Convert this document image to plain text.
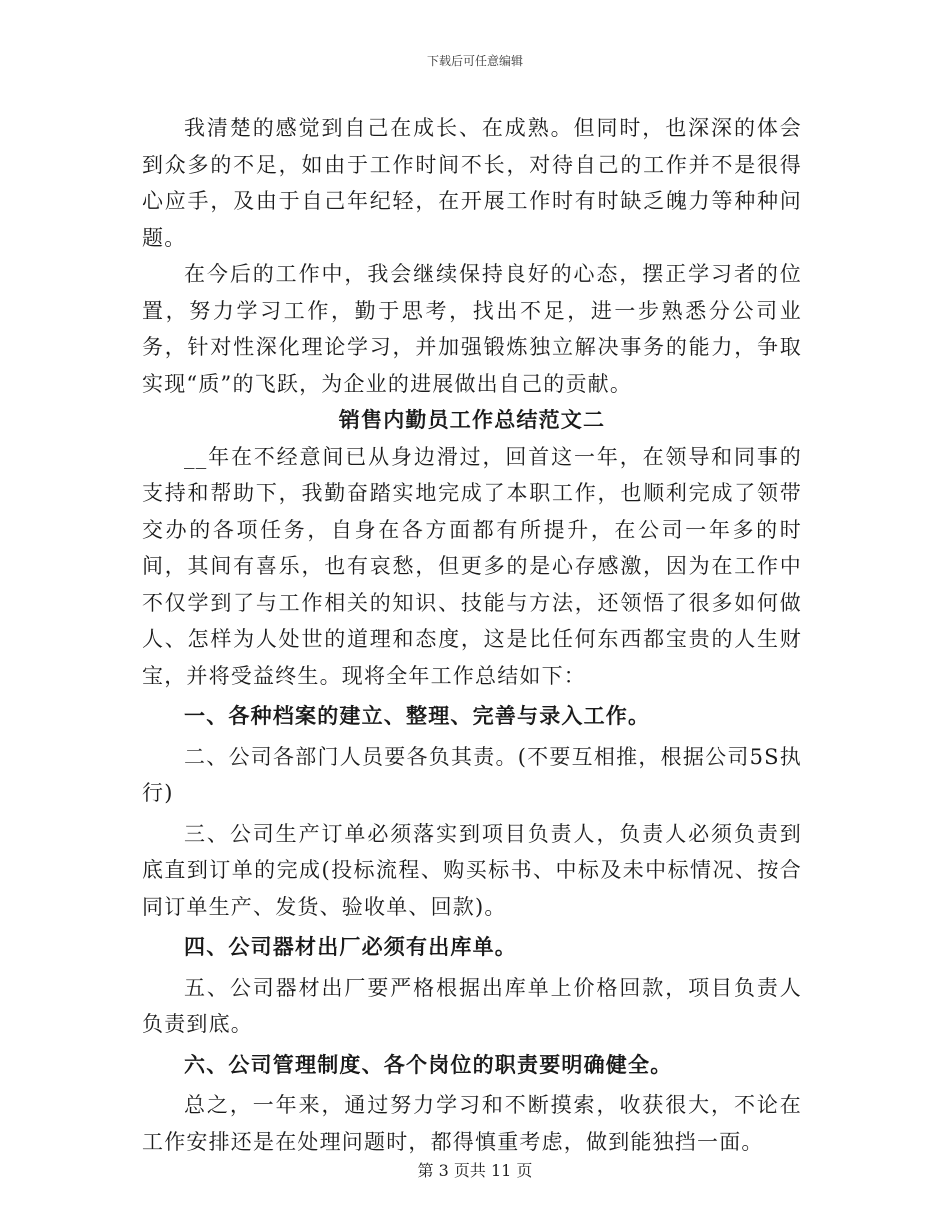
下载后可任意编辑

我清楚的感觉到自己在成长、在成熟。但同时，也深深的体会到众多的不足，如由于工作时间不长，对待自己的工作并不是很得心应手，及由于自己年纪轻，在开展工作时有时缺乏魄力等种种问题。

在今后的工作中，我会继续保持良好的心态，摆正学习者的位置，努力学习工作，勤于思考，找出不足，进一步熟悉分公司业务，针对性深化理论学习，并加强锻炼独立解决事务的能力，争取实现“质”的飞跃，为企业的进展做出自己的贡献。

销售内勤员工作总结范文二

__年在不经意间已从身边滑过，回首这一年，在领导和同事的支持和帮助下，我勤奋踏实地完成了本职工作，也顺利完成了领带交办的各项任务，自身在各方面都有所提升，在公司一年多的时间，其间有喜乐，也有哀愁，但更多的是心存感激，因为在工作中不仅学到了与工作相关的知识、技能与方法，还领悟了很多如何做人、怎样为人处世的道理和态度，这是比任何东西都宝贵的人生财宝，并将受益终生。现将全年工作总结如下：

一、各种档案的建立、整理、完善与录入工作。

二、公司各部门人员要各负其责。(不要互相推，根据公司5S执行)

三、公司生产订单必须落实到项目负责人，负责人必须负责到底直到订单的完成(投标流程、购买标书、中标及未中标情况、按合同订单生产、发货、验收单、回款)。

四、公司器材出厂必须有出库单。

五、公司器材出厂要严格根据出库单上价格回款，项目负责人负责到底。

六、公司管理制度、各个岗位的职责要明确健全。

总之，一年来，通过努力学习和不断摸索，收获很大，不论在工作安排还是在处理问题时，都得慎重考虑，做到能独挡一面。

第 3 页共 11 页
